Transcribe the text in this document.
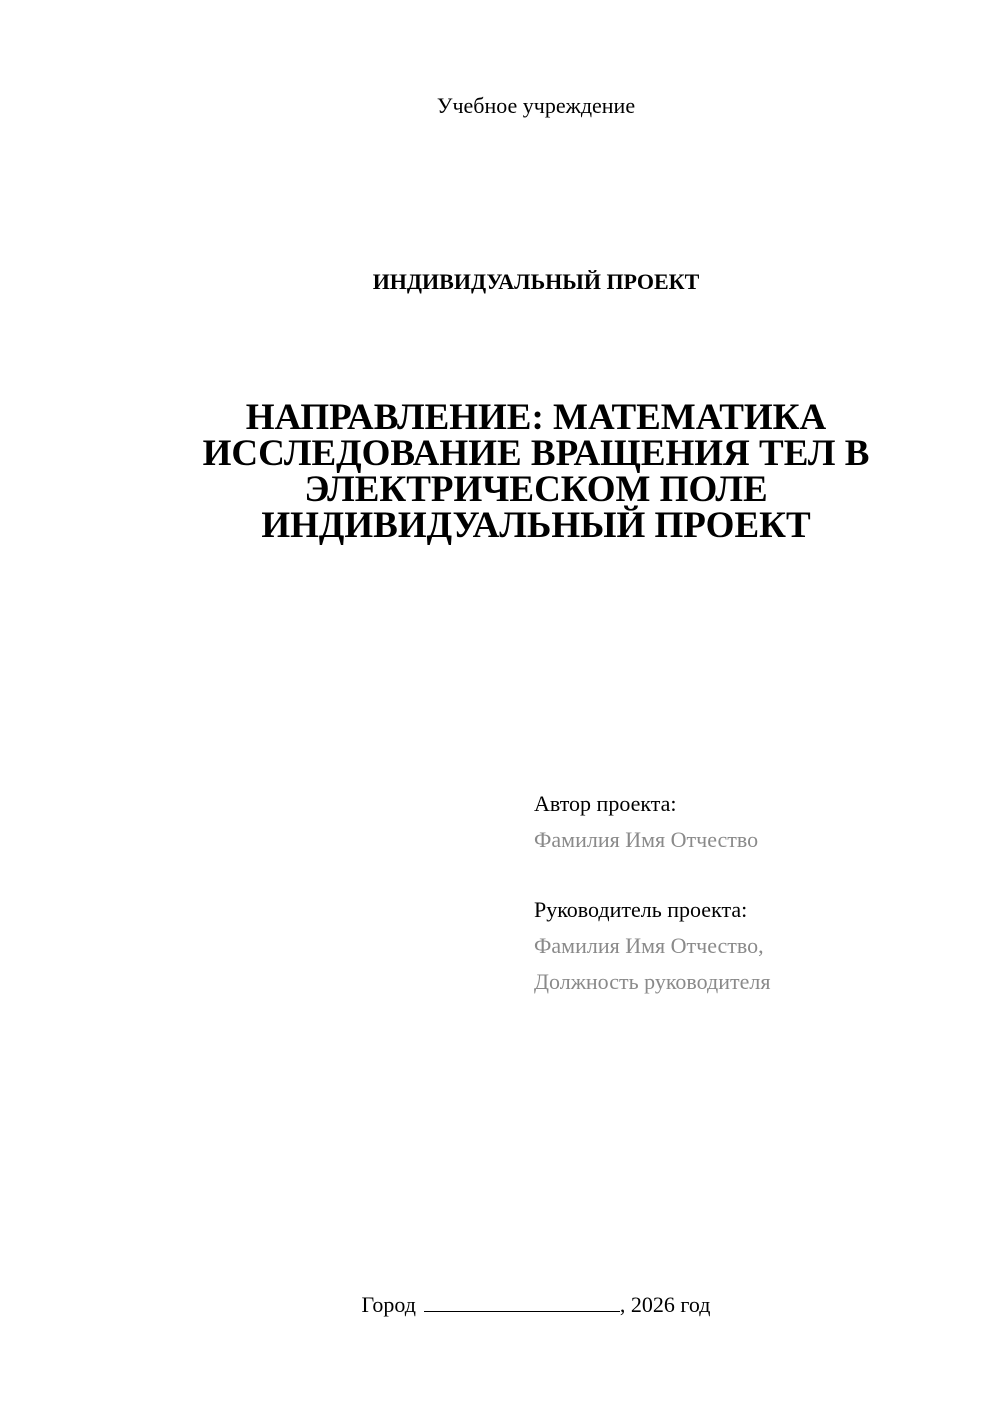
Учебное учреждение
ИНДИВИДУАЛЬНЫЙ ПРОЕКТ
НАПРАВЛЕНИЕ: МАТЕМАТИКА
ИССЛЕДОВАНИЕ ВРАЩЕНИЯ ТЕЛ В
ЭЛЕКТРИЧЕСКОМ ПОЛЕ
ИНДИВИДУАЛЬНЫЙ ПРОЕКТ
Автор проекта:
Фамилия Имя Отчество
Руководитель проекта:
Фамилия Имя Отчество,
Должность руководителя
Город	, 2026 год
